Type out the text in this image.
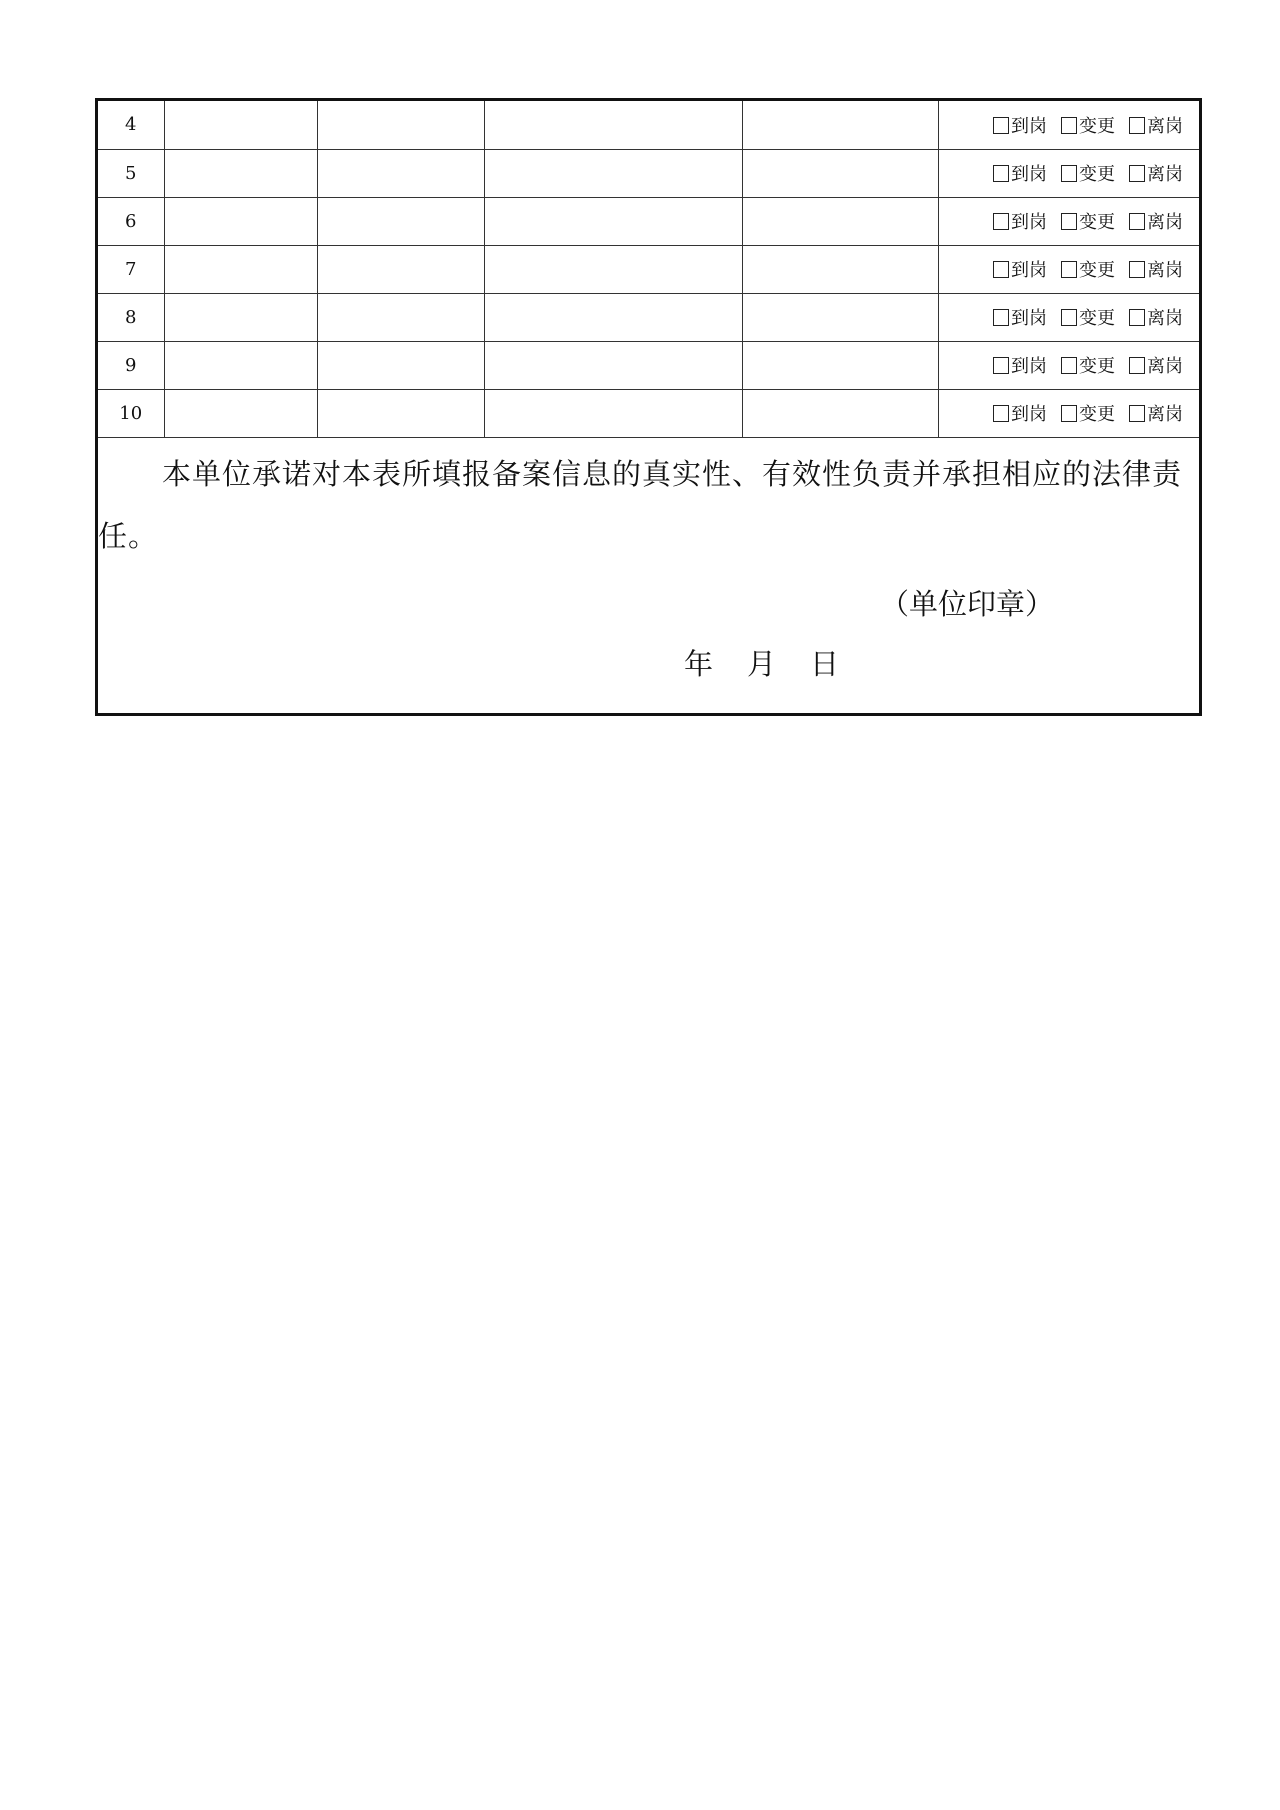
4					到岗 变更 离岗
5					到岗 变更 离岗
6					到岗 变更 离岗
7					到岗 变更 离岗
8					到岗 变更 离岗
9					到岗 变更 离岗
10					到岗 变更 离岗

本单位承诺对本表所填报备案信息的真实性、有效性负责并承担相应的法律责任。

（单位印章）
年 月 日
